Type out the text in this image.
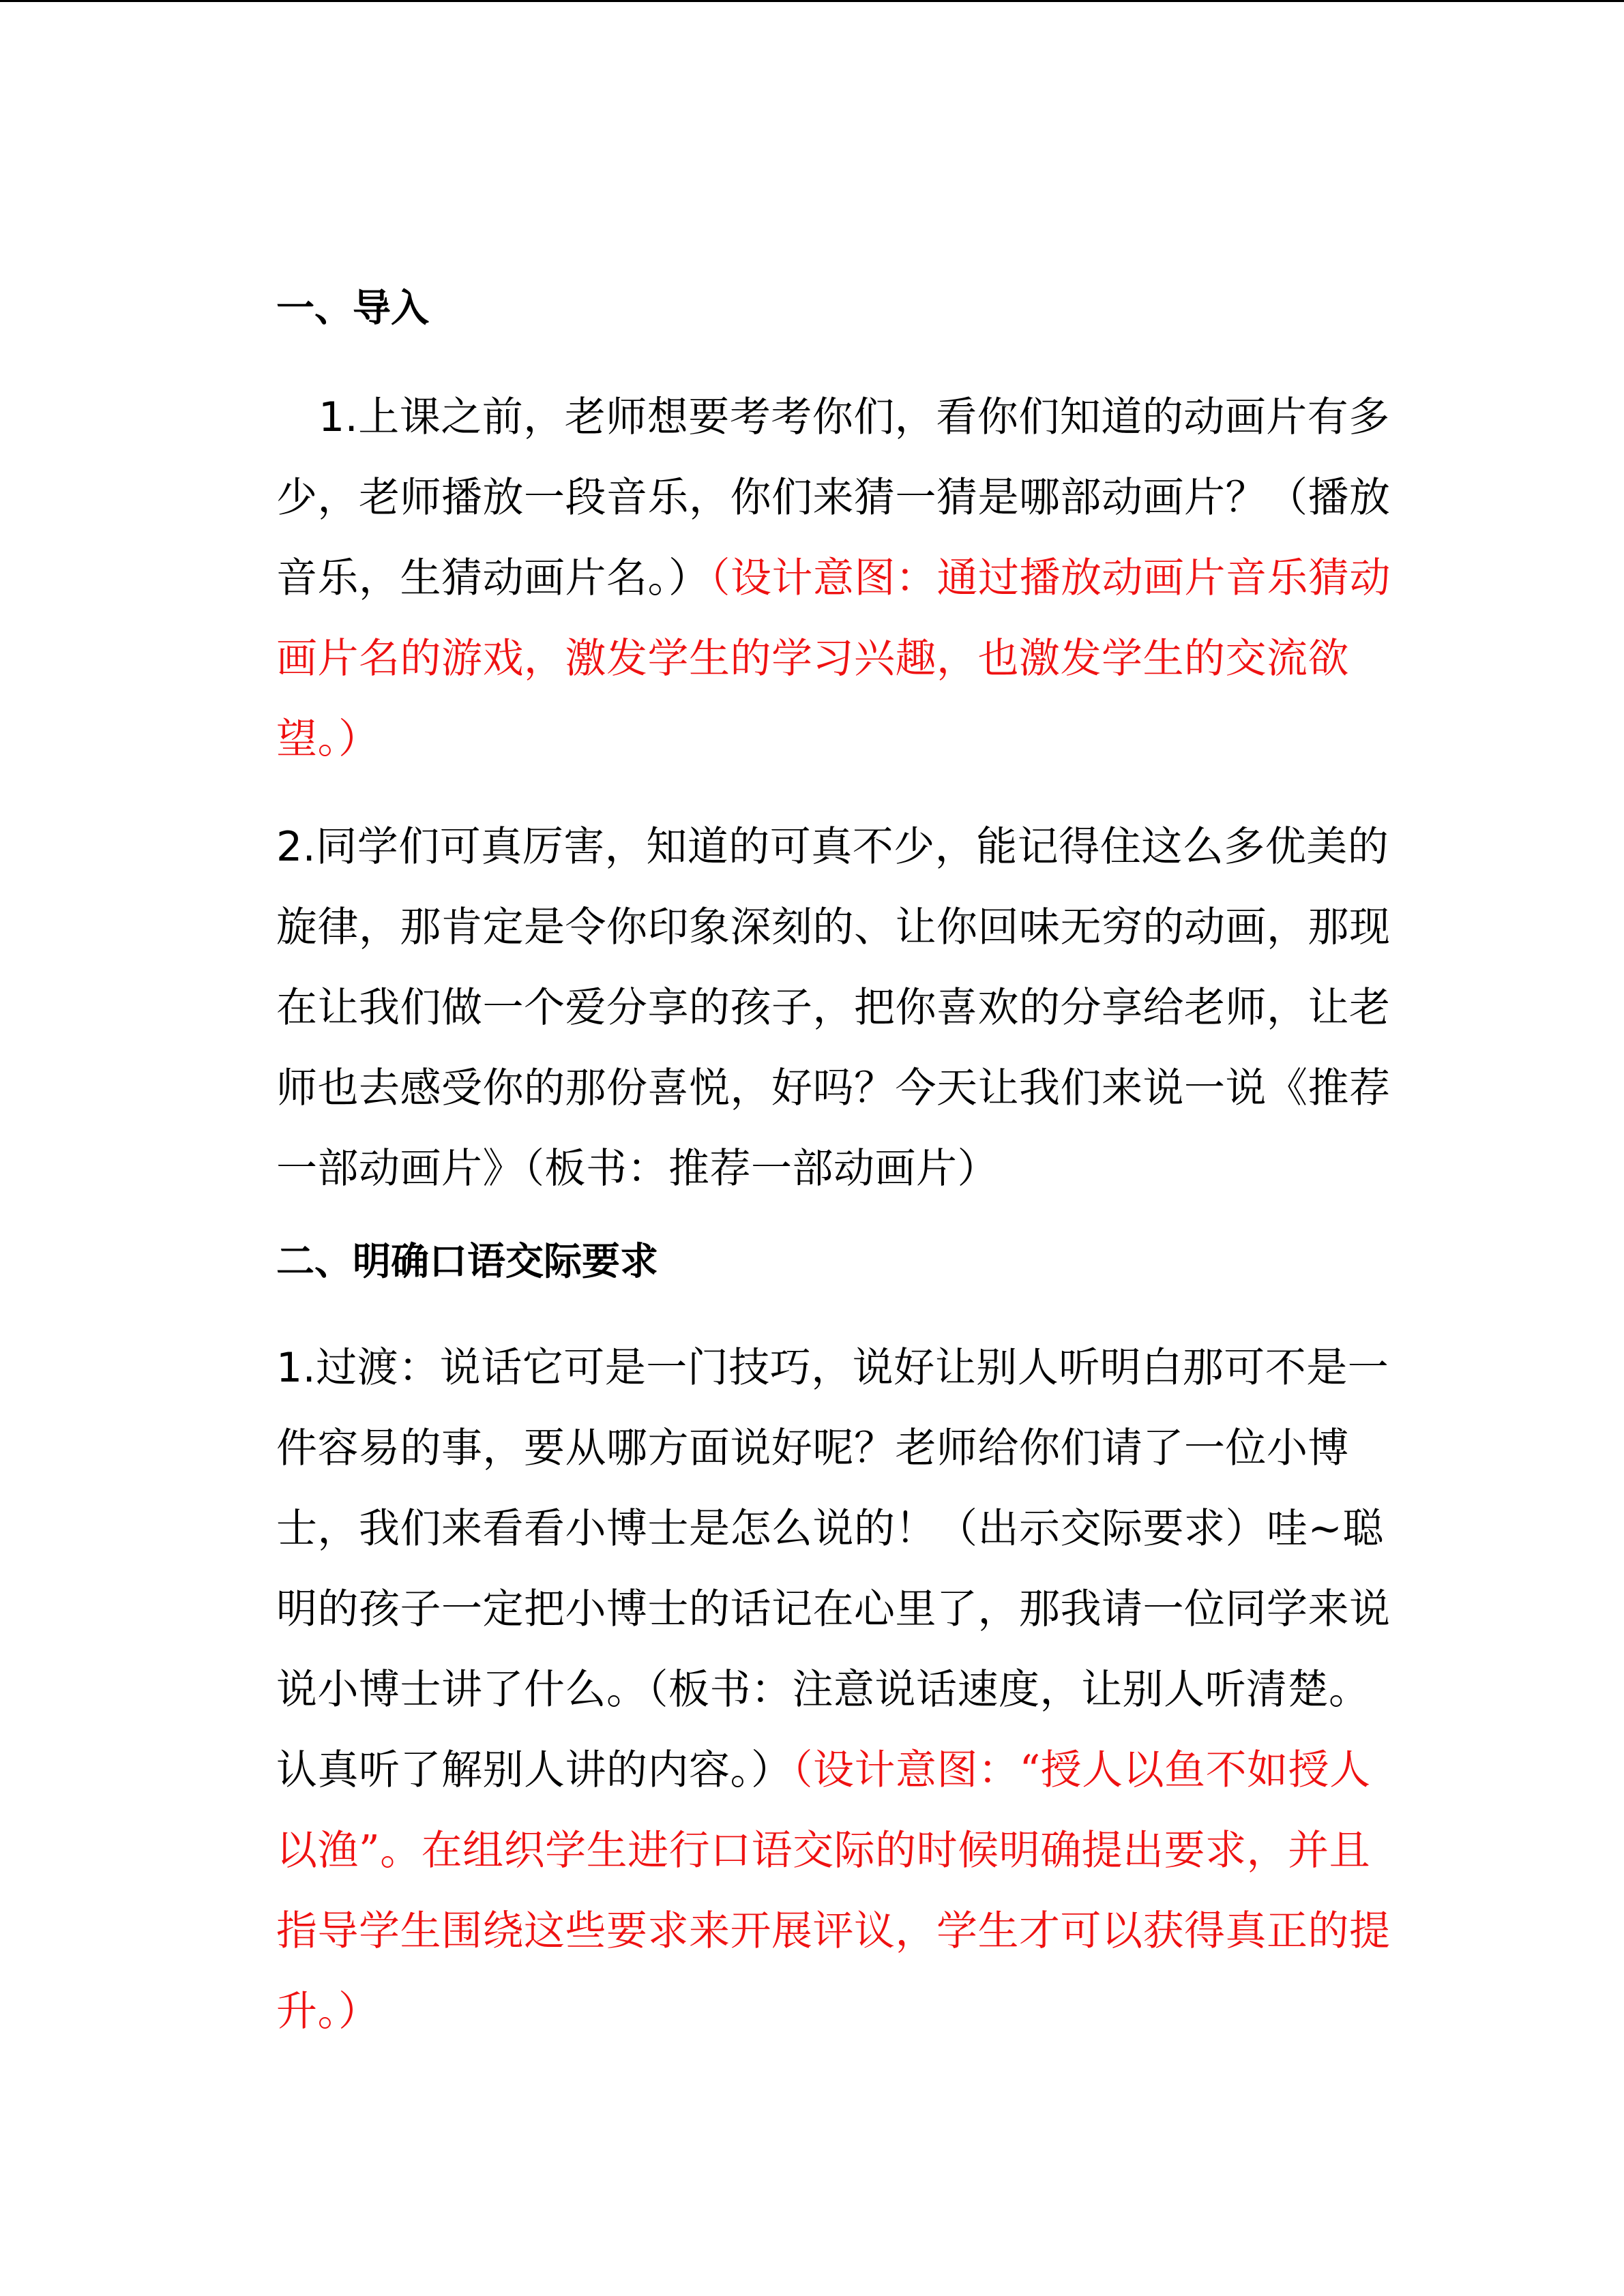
一、导入

1.上课之前，老师想要考考你们，看你们知道的动画片有多少，老师播放一段音乐，你们来猜一猜是哪部动画片？（播放音乐，生猜动画片名。）（设计意图：通过播放动画片音乐猜动画片名的游戏，激发学生的学习兴趣，也激发学生的交流欲望。）

2.同学们可真厉害，知道的可真不少，能记得住这么多优美的旋律，那肯定是令你印象深刻的、让你回味无穷的动画，那现在让我们做一个爱分享的孩子，把你喜欢的分享给老师，让老师也去感受你的那份喜悦，好吗？今天让我们来说一说《推荐一部动画片》（板书：推荐一部动画片）

二、明确口语交际要求

1.过渡：说话它可是一门技巧，说好让别人听明白那可不是一件容易的事，要从哪方面说好呢？老师给你们请了一位小博士，我们来看看小博士是怎么说的！（出示交际要求）哇~聪明的孩子一定把小博士的话记在心里了，那我请一位同学来说说小博士讲了什么。（板书：注意说话速度，让别人听清楚。认真听了解别人讲的内容。）（设计意图：“授人以鱼不如授人以渔”。在组织学生进行口语交际的时候明确提出要求，并且指导学生围绕这些要求来开展评议，学生才可以获得真正的提升。）
